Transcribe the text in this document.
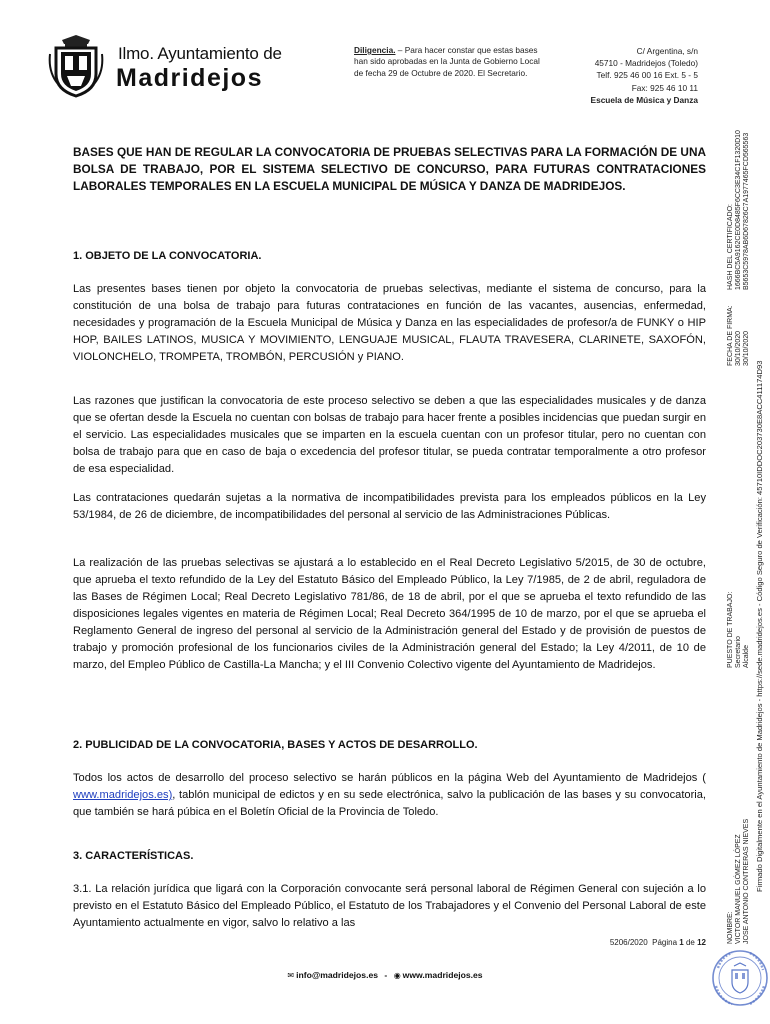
Ilmo. Ayuntamiento de
Madridejos
Diligencia. – Para hacer constar que estas bases han sido aprobadas en la Junta de Gobierno Local de fecha 29 de Octubre de 2020. El Secretario.
C/ Argentina, s/n
45710 - Madridejos (Toledo)
Telf. 925 46 00 16 Ext. 5 - 5
Fax: 925 46 10 11
Escuela de Música y Danza
BASES QUE HAN DE REGULAR LA CONVOCATORIA DE PRUEBAS SELECTIVAS PARA LA FORMACIÓN DE UNA BOLSA DE TRABAJO, POR EL SISTEMA SELECTIVO DE CONCURSO, PARA FUTURAS CONTRATACIONES LABORALES TEMPORALES EN LA ESCUELA MUNICIPAL DE MÚSICA Y DANZA DE MADRIDEJOS.
1. OBJETO DE LA CONVOCATORIA.
Las presentes bases tienen por objeto la convocatoria de pruebas selectivas, mediante el sistema de concurso, para la constitución de una bolsa de trabajo para futuras contrataciones en función de las vacantes, ausencias, enfermedad, necesidades y programación de la Escuela Municipal de Música y Danza en las especialidades de profesor/a de FUNKY o HIP HOP, BAILES LATINOS, MUSICA Y MOVIMIENTO, LENGUAJE MUSICAL, FLAUTA TRAVESERA, CLARINETE, SAXOFÓN, VIOLONCHELO, TROMPETA, TROMBÓN, PERCUSIÓN y PIANO.
Las razones que justifican la convocatoria de este proceso selectivo se deben a que las especialidades musicales y de danza que se ofertan desde la Escuela no cuentan con bolsas de trabajo para hacer frente a posibles incidencias que puedan surgir en el servicio. Las especialidades musicales que se imparten en la escuela cuentan con un profesor titular, pero no cuentan con bolsa de trabajo para que en caso de baja o excedencia del profesor titular, se pueda contratar temporalmente a otro profesor de esa especialidad.
Las contrataciones quedarán sujetas a la normativa de incompatibilidades prevista para los empleados públicos en la Ley 53/1984, de 26 de diciembre, de incompatibilidades del personal al servicio de las Administraciones Públicas.
La realización de las pruebas selectivas se ajustará a lo establecido en el Real Decreto Legislativo 5/2015, de 30 de octubre, que aprueba el texto refundido de la Ley del Estatuto Básico del Empleado Público, la Ley 7/1985, de 2 de abril, reguladora de las Bases de Régimen Local; Real Decreto Legislativo 781/86, de 18 de abril, por el que se aprueba el texto refundido de las disposiciones legales vigentes en materia de Régimen Local; Real Decreto 364/1995 de 10 de marzo, por el que se aprueba el Reglamento General de ingreso del personal al servicio de la Administración general del Estado y de provisión de puestos de trabajo y promoción profesional de los funcionarios civiles de la Administración general del Estado; la Ley 4/2011, de 10 de marzo, del Empleo Público de Castilla-La Mancha; y el III Convenio Colectivo vigente del Ayuntamiento de Madridejos.
2. PUBLICIDAD DE LA CONVOCATORIA, BASES Y ACTOS DE DESARROLLO.
Todos los actos de desarrollo del proceso selectivo se harán públicos en la página Web del Ayuntamiento de Madridejos ( www.madridejos.es), tablón municipal de edictos y en su sede electrónica, salvo la publicación de las bases y su convocatoria, que también se hará púbica en el Boletín Oficial de la Provincia de Toledo.
3. CARACTERÍSTICAS.
3.1. La relación jurídica que ligará con la Corporación convocante será personal laboral de Régimen General con sujeción a lo previsto en el Estatuto Básico del Empleado Público, el Estatuto de los Trabajadores y el Convenio del Personal Laboral de este Ayuntamiento actualmente en vigor, salvo lo relativo a las
5206/2020 Página 1 de 12
✉ info@madridejos.es - ◉ www.madridejos.es
NOMBRE: VICTOR MANUEL GÓMEZ LÓPEZ JOSE ANTONIO CONTRERAS NIEVES
PUESTO DE TRABAJO: Secretario Alcalde
FECHA DE FIRMA: 30/10/2020 30/10/2020
HASH DEL CERTIFICADO: 1666BC5A9162CE0D8485F6CC3E34C1F1320D10 B5653C5978AB6D67826C7A1977465FCD565563
Firmado Digitalmente en el Ayuntamiento de Madridejos - https://sede.madridejos.es - Código Seguro de Verificación: 45710IDDOC203730E8ACC411174D93
